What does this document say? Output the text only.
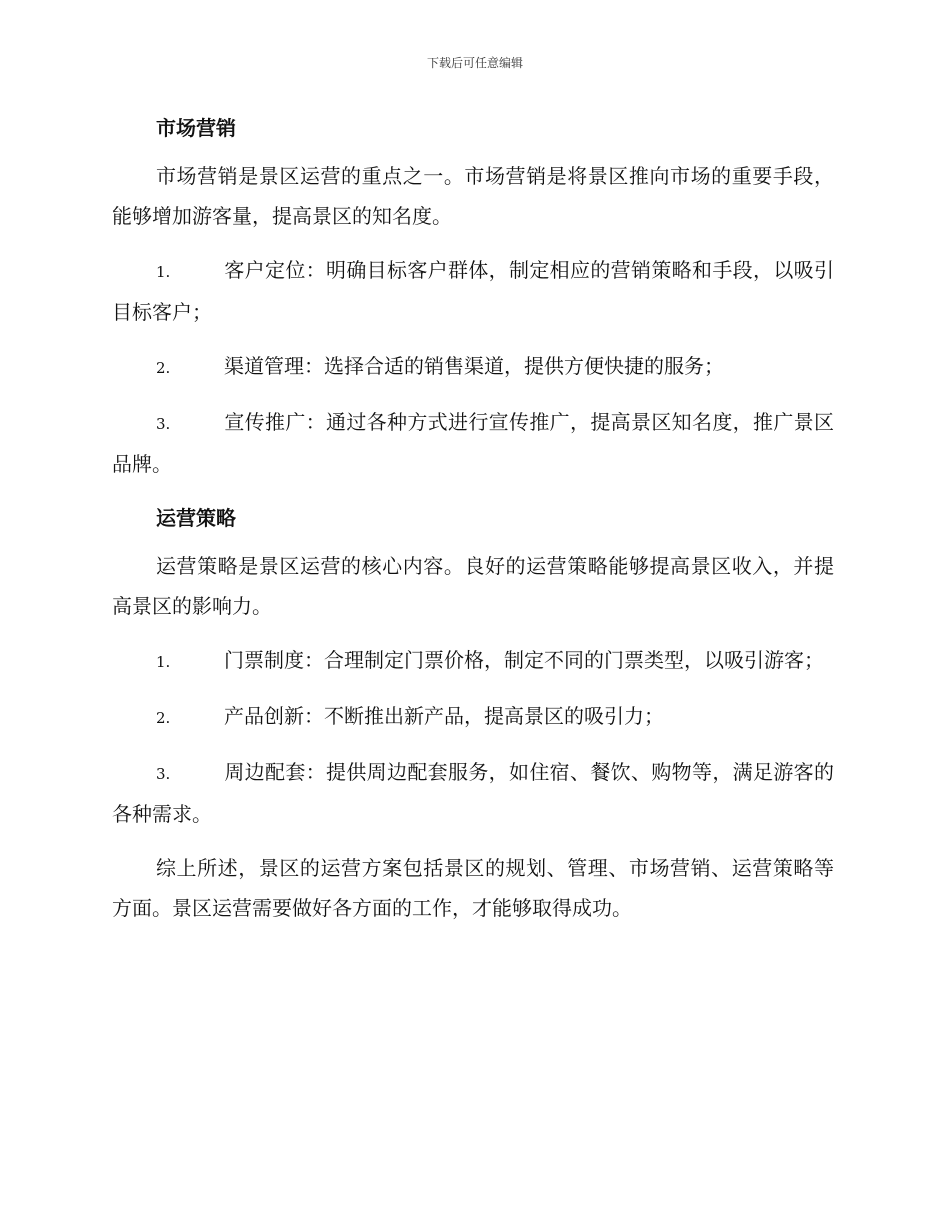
下载后可任意编辑
市场营销

市场营销是景区运营的重点之一。市场营销是将景区推向市场的重要手段，能够增加游客量，提高景区的知名度。

1.	客户定位：明确目标客户群体，制定相应的营销策略和手段，以吸引目标客户；

2.	渠道管理：选择合适的销售渠道，提供方便快捷的服务；

3.	宣传推广：通过各种方式进行宣传推广，提高景区知名度，推广景区品牌。

运营策略

运营策略是景区运营的核心内容。良好的运营策略能够提高景区收入，并提高景区的影响力。

1.	门票制度：合理制定门票价格，制定不同的门票类型，以吸引游客；

2.	产品创新：不断推出新产品，提高景区的吸引力；

3.	周边配套：提供周边配套服务，如住宿、餐饮、购物等，满足游客的各种需求。

综上所述，景区的运营方案包括景区的规划、管理、市场营销、运营策略等方面。景区运营需要做好各方面的工作，才能够取得成功。
